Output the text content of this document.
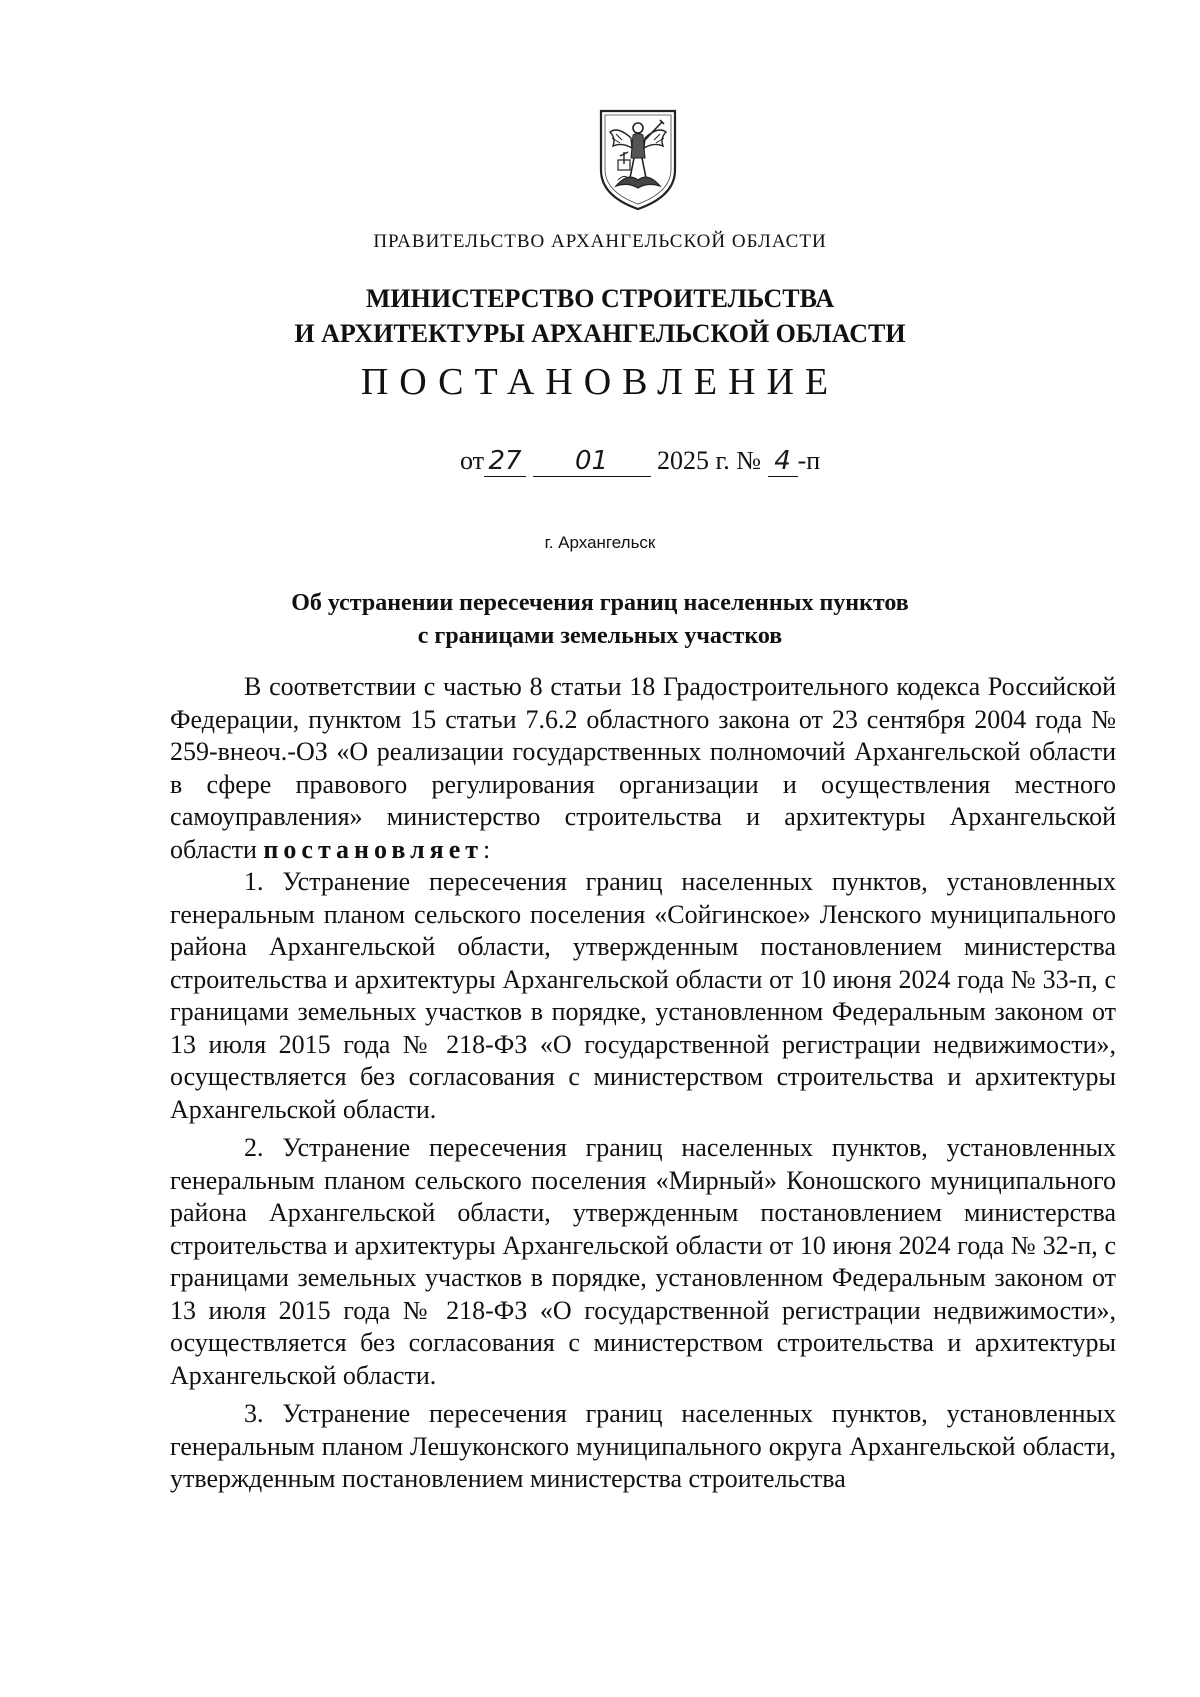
ПРАВИТЕЛЬСТВО АРХАНГЕЛЬСКОЙ ОБЛАСТИ
МИНИСТЕРСТВО СТРОИТЕЛЬСТВА
И АРХИТЕКТУРЫ АРХАНГЕЛЬСКОЙ ОБЛАСТИ
ПОСТАНОВЛЕНИЕ
от 27 01 2025 г. № 4 -п
г. Архангельск
Об устранении пересечения границ населенных пунктов
с границами земельных участков

В соответствии с частью 8 статьи 18 Градостроительного кодекса Российской Федерации, пунктом 15 статьи 7.6.2 областного закона от 23 сентября 2004 года № 259-внеоч.-ОЗ «О реализации государственных полномочий Архангельской области в сфере правового регулирования организации и осуществления местного самоуправления» министерство строительства и архитектуры Архангельской области постановляет:

1. Устранение пересечения границ населенных пунктов, установленных генеральным планом сельского поселения «Сойгинское» Ленского муниципального района Архангельской области, утвержденным постановлением министерства строительства и архитектуры Архангельской области от 10 июня 2024 года № 33-п, с границами земельных участков в порядке, установленном Федеральным законом от 13 июля 2015 года № 218-ФЗ «О государственной регистрации недвижимости», осуществляется без согласования с министерством строительства и архитектуры Архангельской области.

2. Устранение пересечения границ населенных пунктов, установленных генеральным планом сельского поселения «Мирный» Коношского муниципального района Архангельской области, утвержденным постановлением министерства строительства и архитектуры Архангельской области от 10 июня 2024 года № 32-п, с границами земельных участков в порядке, установленном Федеральным законом от 13 июля 2015 года № 218-ФЗ «О государственной регистрации недвижимости», осуществляется без согласования с министерством строительства и архитектуры Архангельской области.

3. Устранение пересечения границ населенных пунктов, установленных генеральным планом Лешуконского муниципального округа Архангельской области, утвержденным постановлением министерства строительства
